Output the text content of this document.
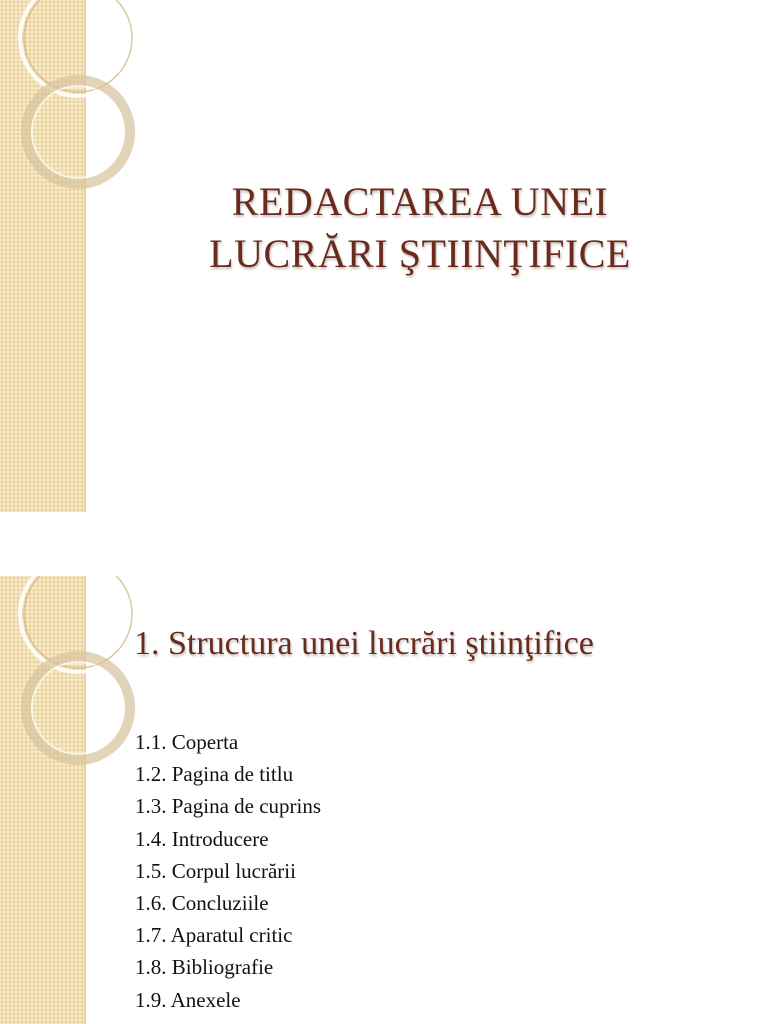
REDACTAREA UNEI
LUCRĂRI ŞTIINŢIFICE
1. Structura unei lucrări ştiinţifice
1.1. Coperta
1.2. Pagina de titlu
1.3. Pagina de cuprins
1.4. Introducere
1.5. Corpul lucrării
1.6. Concluziile
1.7. Aparatul critic
1.8. Bibliografie
1.9. Anexele
